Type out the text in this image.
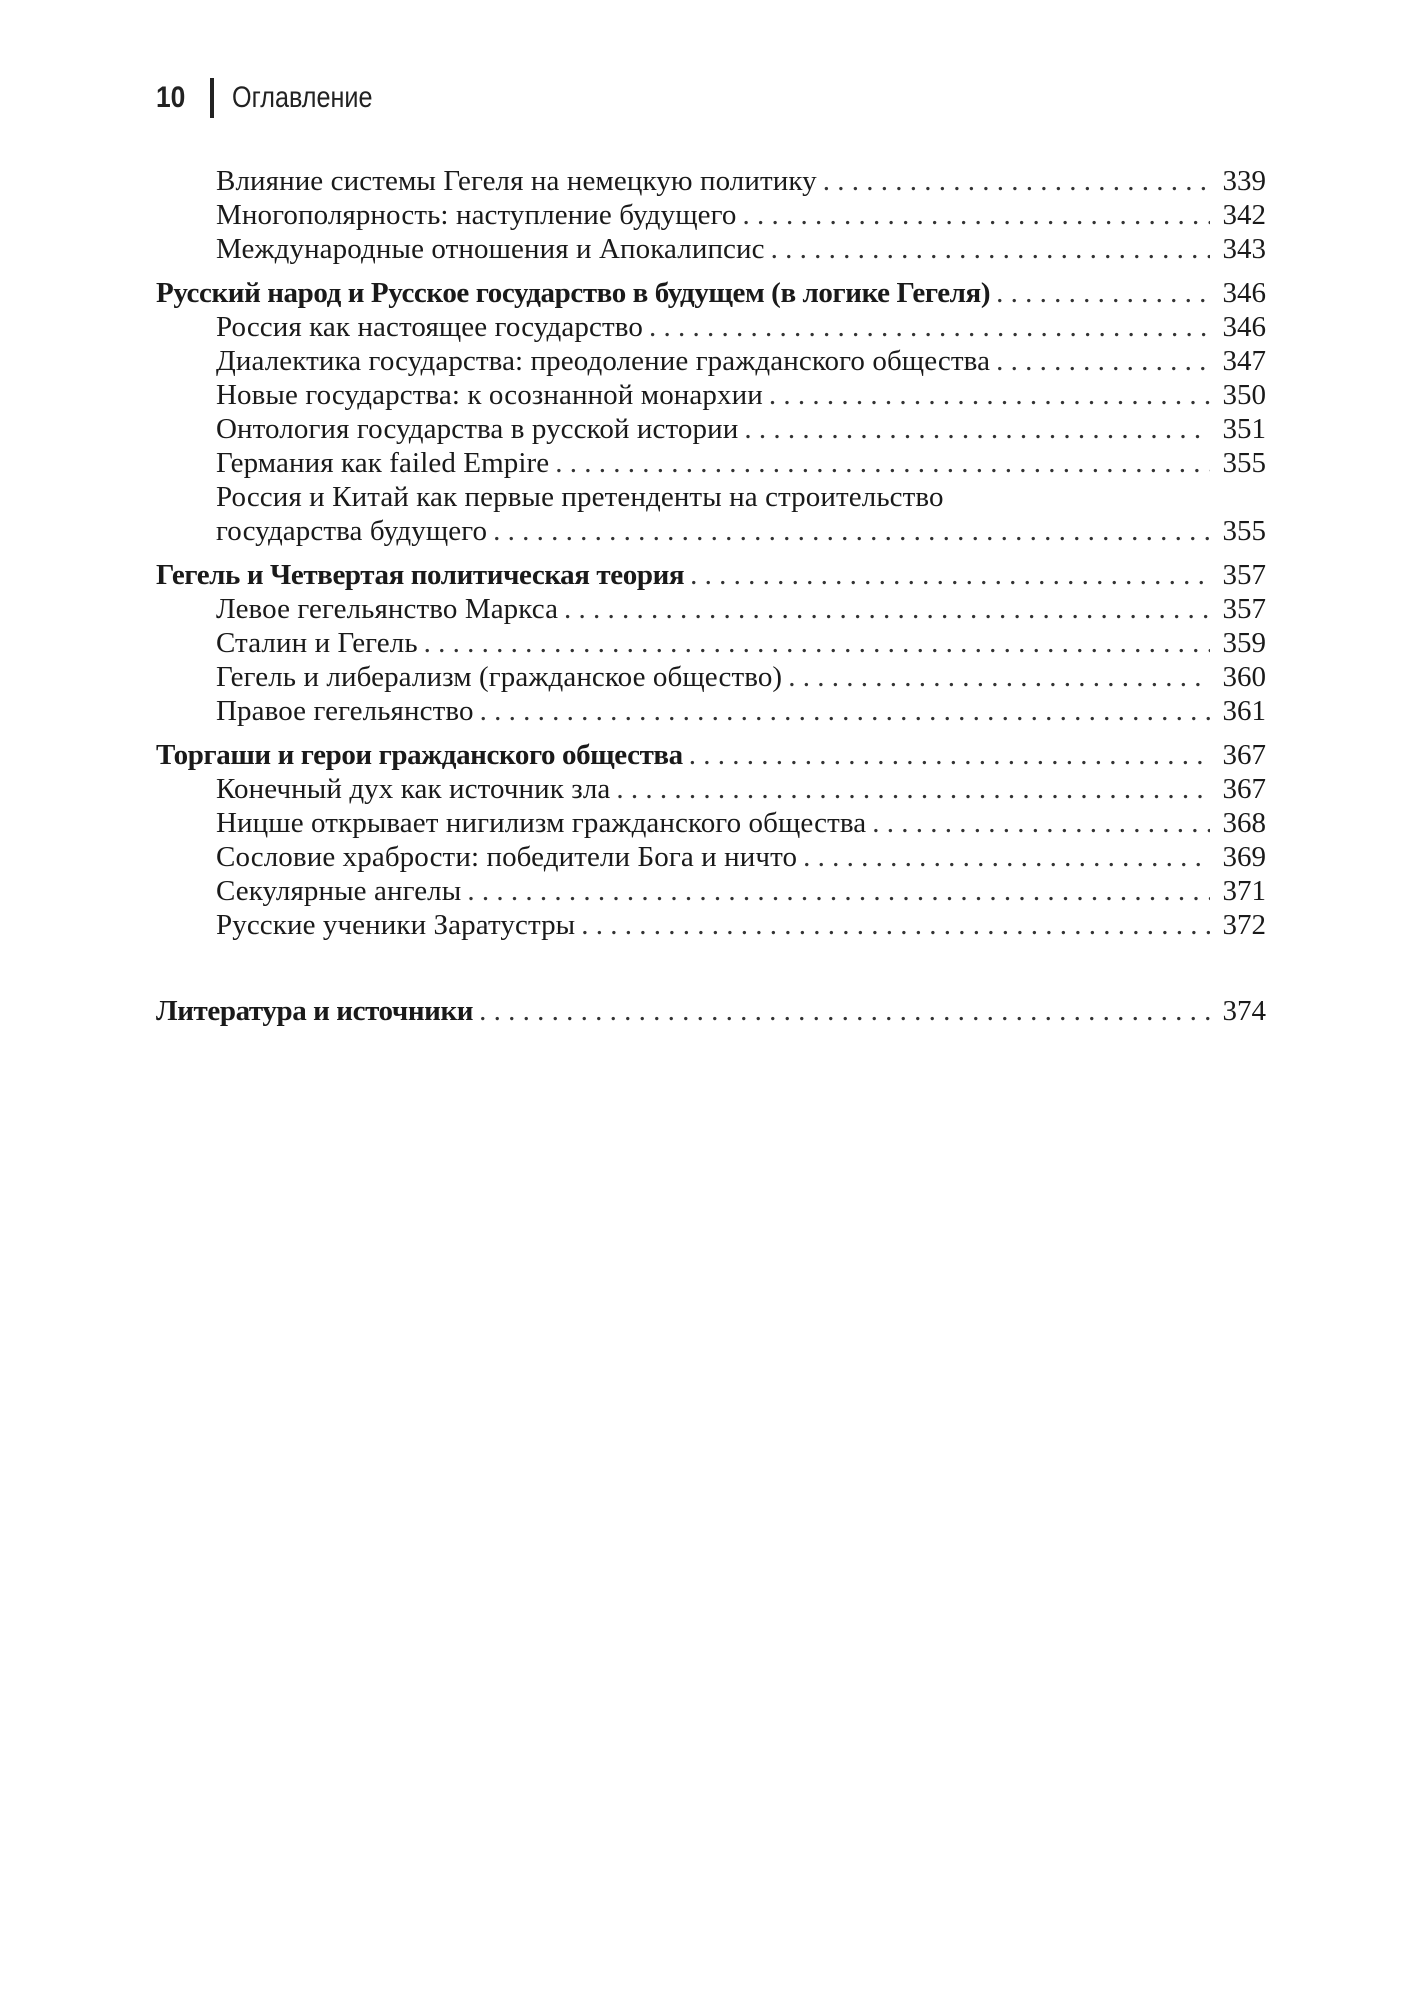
10 Оглавление
Влияние системы Гегеля на немецкую политику . . .	339
Многополярность: наступление будущего . . .	342
Международные отношения и Апокалипсис . . .	343
Русский народ и Русское государство в будущем (в логике Гегеля) . . .	346
Россия как настоящее государство . . .	346
Диалектика государства: преодоление гражданского общества . . .	347
Новые государства: к осознанной монархии . . .	350
Онтология государства в русской истории . . .	351
Германия как failed Empire . . .	355
Россия и Китай как первые претенденты на строительство
государства будущего . . .	355
Гегель и Четвертая политическая теория . . .	357
Левое гегельянство Маркса . . .	357
Сталин и Гегель . . .	359
Гегель и либерализм (гражданское общество) . . .	360
Правое гегельянство . . .	361
Торгаши и герои гражданского общества . . .	367
Конечный дух как источник зла . . .	367
Ницше открывает нигилизм гражданского общества . . .	368
Сословие храбрости: победители Бога и ничто . . .	369
Секулярные ангелы . . .	371
Русские ученики Заратустры . . .	372
Литература и источники . . .	374
